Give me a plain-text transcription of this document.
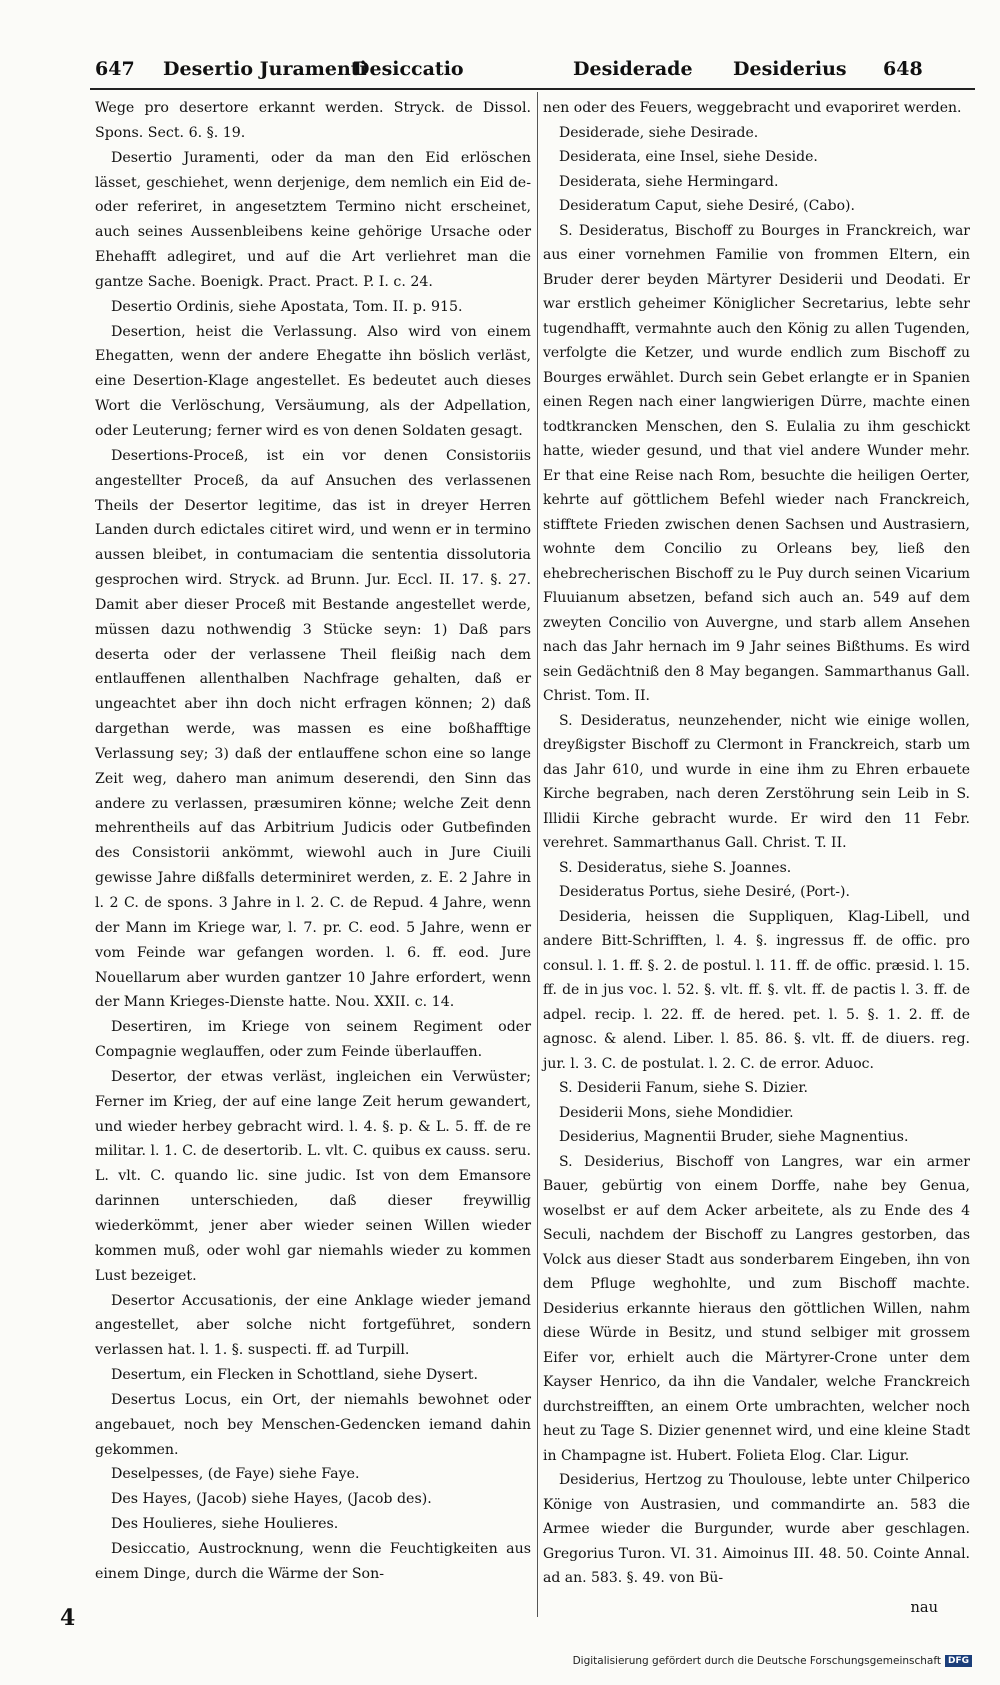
647 Desertio Juramenti
Desiccatio	Desiderade Desiderius 648

Wege pro desertore erkannt werden. Stryck. de Dissol. Spons. Sect. 6. §. 19.

Desertio Juramenti, oder da man den Eid erlöschen lässet, geschiehet, wenn derjenige, dem nemlich ein Eid de- oder referiret, in angesetztem Termino nicht erscheinet, auch seines Aussenbleibens keine gehörige Ursache oder Ehehafft adlegiret, und auf die Art verliehret man die gantze Sache. Boenigk. Pract. Pract. P. I. c. 24.

Desertio Ordinis, siehe Apostata, Tom. II. p. 915.

Desertion, heist die Verlassung. Also wird von einem Ehegatten, wenn der andere Ehegatte ihn böslich verläst, eine Desertion-Klage angestellet. Es bedeutet auch dieses Wort die Verlöschung, Versäumung, als der Adpellation, oder Leuterung; ferner wird es von denen Soldaten gesagt.

Desertions-Proceß, ist ein vor denen Consistoriis angestellter Proceß, da auf Ansuchen des verlassenen Theils der Desertor legitime, das ist in dreyer Herren Landen durch edictales citiret wird, und wenn er in termino aussen bleibet, in contumaciam die sententia dissolutoria gesprochen wird. Stryck. ad Brunn. Jur. Eccl. II. 17. §. 27. Damit aber dieser Proceß mit Bestande angestellet werde, müssen dazu nothwendig 3 Stücke seyn: 1) Daß pars deserta oder der verlassene Theil fleißig nach dem entlauffenen allenthalben Nachfrage gehalten, daß er ungeachtet aber ihn doch nicht erfragen können; 2) daß dargethan werde, was massen es eine boßhafftige Verlassung sey; 3) daß der entlauffene schon eine so lange Zeit weg, dahero man animum deserendi, den Sinn das andere zu verlassen, præsumiren könne; welche Zeit denn mehrentheils auf das Arbitrium Judicis oder Gutbefinden des Consistorii ankömmt, wiewohl auch in Jure Ciuili gewisse Jahre dißfalls determiniret werden, z. E. 2 Jahre in l. 2 C. de spons. 3 Jahre in l. 2. C. de Repud. 4 Jahre, wenn der Mann im Kriege war, l. 7. pr. C. eod. 5 Jahre, wenn er vom Feinde war gefangen worden. l. 6. ff. eod. Jure Nouellarum aber wurden gantzer 10 Jahre erfordert, wenn der Mann Krieges-Dienste hatte. Nou. XXII. c. 14.

Desertiren, im Kriege von seinem Regiment oder Compagnie weglauffen, oder zum Feinde überlauffen.

Desertor, der etwas verläst, ingleichen ein Verwüster; Ferner im Krieg, der auf eine lange Zeit herum gewandert, und wieder herbey gebracht wird. l. 4. §. p. & L. 5. ff. de re militar. l. 1. C. de desertorib. L. vlt. C. quibus ex causs. seru. L. vlt. C. quando lic. sine judic. Ist von dem Emansore darinnen unterschieden, daß dieser freywillig wiederkömmt, jener aber wieder seinen Willen wieder kommen muß, oder wohl gar niemahls wieder zu kommen Lust bezeiget.

Desertor Accusationis, der eine Anklage wieder jemand angestellet, aber solche nicht fortgeführet, sondern verlassen hat. l. 1. §. suspecti. ff. ad Turpill.

Desertum, ein Flecken in Schottland, siehe Dysert.

Desertus Locus, ein Ort, der niemahls bewohnet oder angebauet, noch bey Menschen-Gedencken iemand dahin gekommen.

Deselpesses, (de Faye) siehe Faye.

Des Hayes, (Jacob) siehe Hayes, (Jacob des).

Des Houlieres, siehe Houlieres.

Desiccatio, Austrocknung, wenn die Feuchtigkeiten aus einem Dinge, durch die Wärme der Son-

nen oder des Feuers, weggebracht und evaporiret werden.

Desiderade, siehe Desirade.

Desiderata, eine Insel, siehe Deside.

Desiderata, siehe Hermingard.

Desideratum Caput, siehe Desiré, (Cabo).

S. Desideratus, Bischoff zu Bourges in Franckreich, war aus einer vornehmen Familie von frommen Eltern, ein Bruder derer beyden Märtyrer Desiderii und Deodati. Er war erstlich geheimer Königlicher Secretarius, lebte sehr tugendhafft, vermahnte auch den König zu allen Tugenden, verfolgte die Ketzer, und wurde endlich zum Bischoff zu Bourges erwählet. Durch sein Gebet erlangte er in Spanien einen Regen nach einer langwierigen Dürre, machte einen todtkrancken Menschen, den S. Eulalia zu ihm geschickt hatte, wieder gesund, und that viel andere Wunder mehr. Er that eine Reise nach Rom, besuchte die heiligen Oerter, kehrte auf göttlichem Befehl wieder nach Franckreich, stifftete Frieden zwischen denen Sachsen und Austrasiern, wohnte dem Concilio zu Orleans bey, ließ den ehebrecherischen Bischoff zu le Puy durch seinen Vicarium Fluuianum absetzen, befand sich auch an. 549 auf dem zweyten Concilio von Auvergne, und starb allem Ansehen nach das Jahr hernach im 9 Jahr seines Bißthums. Es wird sein Gedächtniß den 8 May begangen. Sammarthanus Gall. Christ. Tom. II.

S. Desideratus, neunzehender, nicht wie einige wollen, dreyßigster Bischoff zu Clermont in Franckreich, starb um das Jahr 610, und wurde in eine ihm zu Ehren erbauete Kirche begraben, nach deren Zerstöhrung sein Leib in S. Illidii Kirche gebracht wurde. Er wird den 11 Febr. verehret. Sammarthanus Gall. Christ. T. II.

S. Desideratus, siehe S. Joannes.

Desideratus Portus, siehe Desiré, (Port-).

Desideria, heissen die Suppliquen, Klag-Libell, und andere Bitt-Schrifften, l. 4. §. ingressus ff. de offic. pro consul. l. 1. ff. §. 2. de postul. l. 11. ff. de offic. præsid. l. 15. ff. de in jus voc. l. 52. §. vlt. ff. §. vlt. ff. de pactis l. 3. ff. de adpel. recip. l. 22. ff. de hered. pet. l. 5. §. 1. 2. ff. de agnosc. & alend. Liber. l. 85. 86. §. vlt. ff. de diuers. reg. jur. l. 3. C. de postulat. l. 2. C. de error. Aduoc.

S. Desiderii Fanum, siehe S. Dizier.

Desiderii Mons, siehe Mondidier.

Desiderius, Magnentii Bruder, siehe Magnentius.

S. Desiderius, Bischoff von Langres, war ein armer Bauer, gebürtig von einem Dorffe, nahe bey Genua, woselbst er auf dem Acker arbeitete, als zu Ende des 4 Seculi, nachdem der Bischoff zu Langres gestorben, das Volck aus dieser Stadt aus sonderbarem Eingeben, ihn von dem Pfluge weghohlte, und zum Bischoff machte. Desiderius erkannte hieraus den göttlichen Willen, nahm diese Würde in Besitz, und stund selbiger mit grossem Eifer vor, erhielt auch die Märtyrer-Crone unter dem Kayser Henrico, da ihn die Vandaler, welche Franckreich durchstreifften, an einem Orte umbrachten, welcher noch heut zu Tage S. Dizier genennet wird, und eine kleine Stadt in Champagne ist. Hubert. Folieta Elog. Clar. Ligur.

Desiderius, Hertzog zu Thoulouse, lebte unter Chilperico Könige von Austrasien, und commandirte an. 583 die Armee wieder die Burgunder, wurde aber geschlagen. Gregorius Turon. VI. 31. Aimoinus III. 48. 50. Cointe Annal. ad an. 583. §. 49. von Bü-

nau
4
Digitalisierung gefördert durch die Deutsche Forschungsgemeinschaft DFG
